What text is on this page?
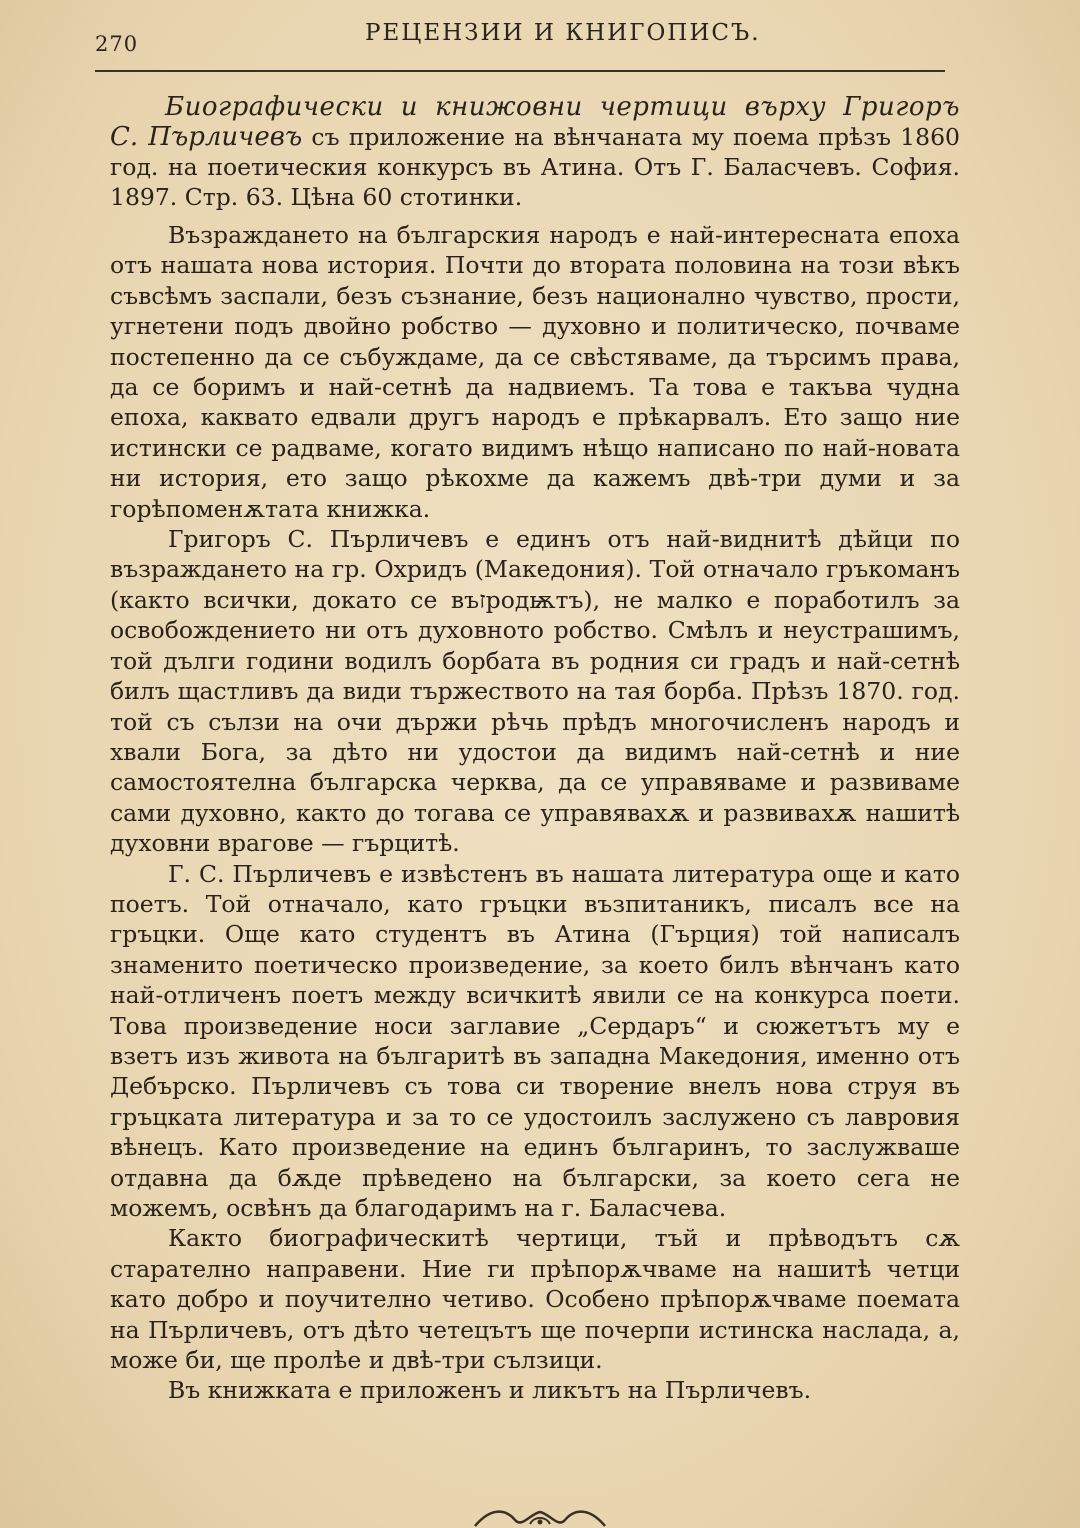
270	РЕЦЕНЗИИ И КНИГОПИСЪ.
Биографически и книжовни чертици върху Григоръ
С. Пърличевъ съ приложение на вѣнчаната му поема прѣзъ 1860 год. на поетическия конкурсъ въ Атина. Отъ Г. Баласчевъ. София. 1897. Стр. 63. Цѣна 60 стотинки.

Възраждането на българския народъ е най-интересната епоха отъ нашата нова история. Почти до втората половина на този вѣкъ съвсѣмъ заспали, безъ съзнание, безъ национално чувство, прости, угнетени подъ двойно робство — духовно и политическо, почваме постепенно да се събуждаме, да се свѣстяваме, да търсимъ права, да се боримъ и най-сетнѣ да надвиемъ. Та това е такъва чудна епоха, каквато едвали другъ народъ е прѣкарвалъ. Ето защо ние истински се радваме, когато видимъ нѣщо написано по най-новата ни история, ето защо рѣкохме да кажемъ двѣ-три думи и за горѣпоменѫтата книжка.

Григоръ С. Пърличевъ е единъ отъ най-виднитѣ дѣйци по възраждането на гр. Охридъ (Македония). Той отначало гръкоманъ (както всички, докато се въזродѭтъ), не малко е поработилъ за освобождението ни отъ духовното робство. Смѣлъ и неустрашимъ, той дълги години водилъ борбата въ родния си градъ и най-сетнѣ билъ щастливъ да види тържеството на тая борба. Прѣзъ 1870. год. той съ сълзи на очи държи рѣчь прѣдъ многочисленъ народъ и хвали Бога, за дѣто ни удостои да видимъ най-сетнѣ и ние самостоятелна българска черква, да се управяваме и развиваме сами духовно, както до тогава се управявахѫ и развивахѫ нашитѣ духовни врагове — гърцитѣ.

Г. С. Пърличевъ е извѣстенъ въ нашата литература още и като поетъ. Той отначало, като гръцки възпитаникъ, писалъ все на гръцки. Още като студентъ въ Атина (Гърция) той написалъ знаменито поетическо произведение, за което билъ вѣнчанъ като най-отличенъ поетъ между всичкитѣ явили се на конкурса поети. Това произведение носи заглавие „Сердаръ“ и сюжетътъ му е взетъ изъ живота на българитѣ въ западна Македония, именно отъ Дебърско. Пърличевъ съ това си творение внелъ нова струя въ гръцката литература и за то се удостоилъ заслужено съ лавровия вѣнецъ. Като произведение на единъ българинъ, то заслужваше отдавна да бѫде прѣведено на български, за което сега не можемъ, освѣнъ да благодаримъ на г. Баласчева.

Както биографическитѣ чертици, тъй и прѣводътъ сѫ старателно направени. Ние ги прѣпорѫчваме на нашитѣ четци като добро и поучително четиво. Особено прѣпорѫчваме поемата на Пърличевъ, отъ дѣто четецътъ ще почерпи истинска наслада, а, може би, ще пролѣе и двѣ-три сълзици.

Въ книжката е приложенъ и ликътъ на Пърличевъ.
